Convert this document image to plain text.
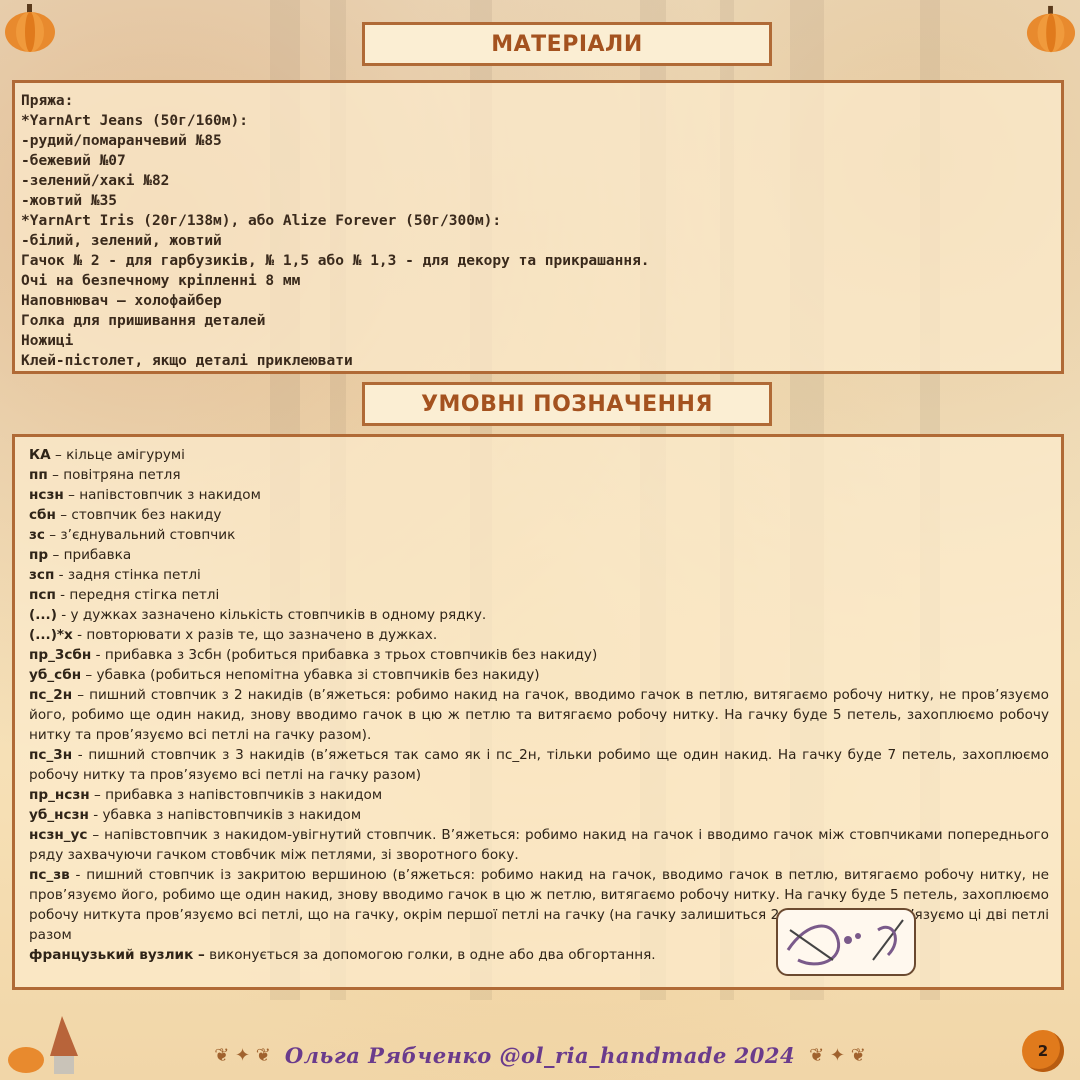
МАТЕРІАЛИ
Пряжа:
*YarnArt Jeans (50г/160м):
-рудий/помаранчевий №85
-бежевий №07
-зелений/хакі №82
-жовтий №35
*YarnArt Iris (20г/138м), або Alize Forever (50г/300м):
-білий, зелений, жовтий
Гачок № 2 - для гарбузиків, № 1,5 або № 1,3 - для декору та прикрашання.
Очі на безпечному кріпленні 8 мм
Наповнювач – холофайбер
Голка для пришивання деталей
Ножиці
Клей-пістолет, якщо деталі приклеювати
УМОВНІ ПОЗНАЧЕННЯ
КА – кільце амігурумі
пп – повітряна петля
нсзн – напівстовпчик з накидом
сбн – стовпчик без накиду
зс – з’єднувальний стовпчик
пр – прибавка
зсп - задня стінка петлі
псп - передня стігка петлі
(...) - у дужках зазначено кількість стовпчиків в одному рядку.
(...)*х - повторювати х разів те, що зазначено в дужках.
пр_3сбн - прибавка з 3сбн (робиться прибавка з трьох стовпчиків без накиду)
уб_сбн – убавка (робиться непомітна убавка зі стовпчиків без накиду)
пс_2н – пишний стовпчик з 2 накидів (в’яжеться: робимо накид на гачок, вводимо гачок в петлю, витягаємо робочу нитку, не пров’язуємо його, робимо ще один накид, знову вводимо гачок в цю ж петлю та витягаємо робочу нитку. На гачку буде 5 петель, захоплюємо робочу нитку та пров’язуємо всі петлі на гачку разом).
пс_3н - пишний стовпчик з 3 накидів (в’яжеться так само як і пс_2н, тільки робимо ще один накид. На гачку буде 7 петель, захоплюємо робочу нитку та пров’язуємо всі петлі на гачку разом)
пр_нсзн – прибавка з напівстовпчиків з накидом
уб_нсзн - убавка з напівстовпчиків з накидом
нсзн_ус – напівстовпчик з накидом-увігнутий стовпчик. В’яжеться: робимо накид на гачок і вводимо гачок між стовпчиками попереднього ряду захвачуючи гачком стовбчик між петлями, зі зворотного боку.
пс_зв - пишний стовпчик із закритою вершиною (в’яжеться: робимо накид на гачок, вводимо гачок в петлю, витягаємо робочу нитку, не пров’язуємо його, робимо ще один накид, знову вводимо гачок в цю ж петлю, витягаємо робочу нитку. На гачку буде 5 петель, захоплюємо робочу ниткута пров’язуємо всі петлі, що на гачку, окрім першої петлі на гачку (на гачку залишиться 2 петлі), і вже пров’язуємо ці дві петлі разом
французький вузлик – виконується за допомогою голки, в одне або два обгортання.
❦ ✦ ❦ Ольга Рябченко @ol_ria_handmade 2024 ❦ ✦ ❦	2
